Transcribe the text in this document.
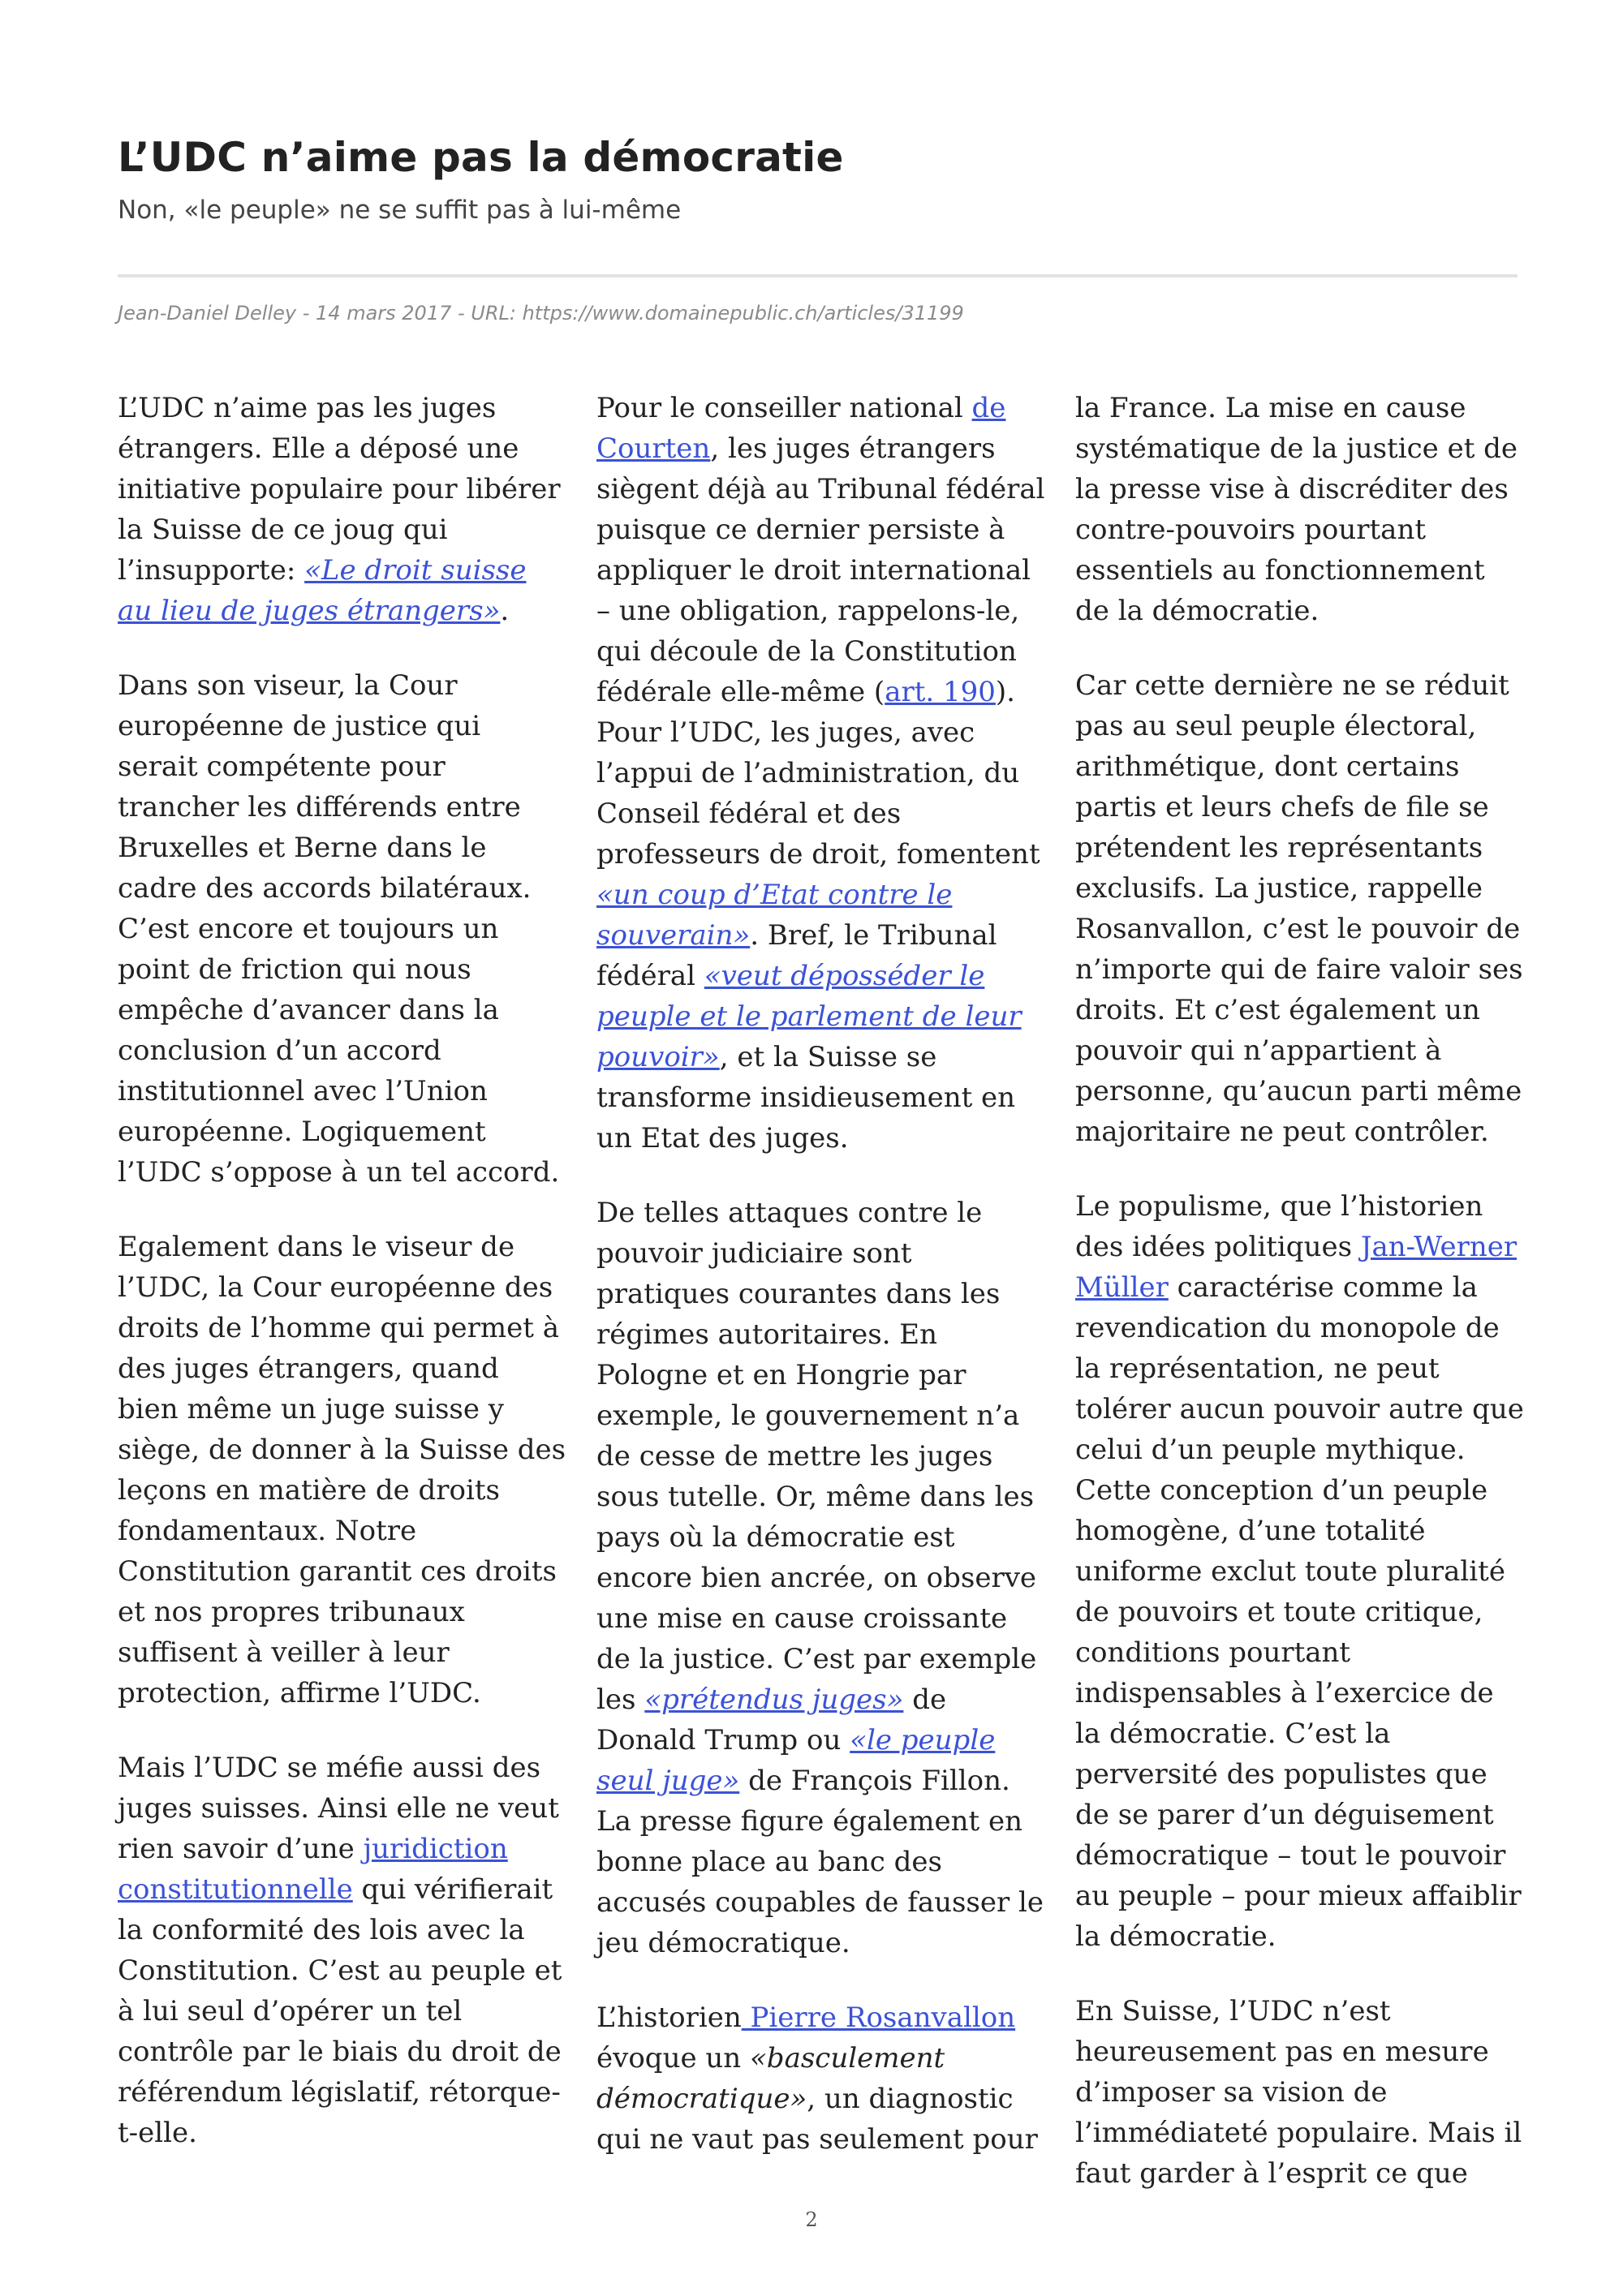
L’UDC n’aime pas la démocratie

Non, «le peuple» ne se suffit pas à lui-même

Jean-Daniel Delley - 14 mars 2017 - URL: https://www.domainepublic.ch/articles/31199

L’UDC n’aime pas les juges étrangers. Elle a déposé une initiative populaire pour libérer la Suisse de ce joug qui l’insupporte: «Le droit suisse au lieu de juges étrangers».

Dans son viseur, la Cour européenne de justice qui serait compétente pour trancher les différends entre Bruxelles et Berne dans le cadre des accords bilatéraux. C’est encore et toujours un point de friction qui nous empêche d’avancer dans la conclusion d’un accord institutionnel avec l’Union européenne. Logiquement l’UDC s’oppose à un tel accord.

Egalement dans le viseur de l’UDC, la Cour européenne des droits de l’homme qui permet à des juges étrangers, quand bien même un juge suisse y siège, de donner à la Suisse des leçons en matière de droits fondamentaux. Notre Constitution garantit ces droits et nos propres tribunaux suffisent à veiller à leur protection, affirme l’UDC.

Mais l’UDC se méfie aussi des juges suisses. Ainsi elle ne veut rien savoir d’une juridiction constitutionnelle qui vérifierait la conformité des lois avec la Constitution. C’est au peuple et à lui seul d’opérer un tel contrôle par le biais du droit de référendum législatif, rétorque-t-elle.

Pour le conseiller national de Courten, les juges étrangers siègent déjà au Tribunal fédéral puisque ce dernier persiste à appliquer le droit international – une obligation, rappelons-le, qui découle de la Constitution fédérale elle-même (art. 190). Pour l’UDC, les juges, avec l’appui de l’administration, du Conseil fédéral et des professeurs de droit, fomentent «un coup d’Etat contre le souverain». Bref, le Tribunal fédéral «veut déposséder le peuple et le parlement de leur pouvoir», et la Suisse se transforme insidieusement en un Etat des juges.

De telles attaques contre le pouvoir judiciaire sont pratiques courantes dans les régimes autoritaires. En Pologne et en Hongrie par exemple, le gouvernement n’a de cesse de mettre les juges sous tutelle. Or, même dans les pays où la démocratie est encore bien ancrée, on observe une mise en cause croissante de la justice. C’est par exemple les «prétendus juges» de Donald Trump ou «le peuple seul juge» de François Fillon. La presse figure également en bonne place au banc des accusés coupables de fausser le jeu démocratique.

L’historien Pierre Rosanvallon évoque un «basculement démocratique», un diagnostic qui ne vaut pas seulement pour

la France. La mise en cause systématique de la justice et de la presse vise à discréditer des contre-pouvoirs pourtant essentiels au fonctionnement de la démocratie.

Car cette dernière ne se réduit pas au seul peuple électoral, arithmétique, dont certains partis et leurs chefs de file se prétendent les représentants exclusifs. La justice, rappelle Rosanvallon, c’est le pouvoir de n’importe qui de faire valoir ses droits. Et c’est également un pouvoir qui n’appartient à personne, qu’aucun parti même majoritaire ne peut contrôler.

Le populisme, que l’historien des idées politiques Jan-Werner Müller caractérise comme la revendication du monopole de la représentation, ne peut tolérer aucun pouvoir autre que celui d’un peuple mythique. Cette conception d’un peuple homogène, d’une totalité uniforme exclut toute pluralité de pouvoirs et toute critique, conditions pourtant indispensables à l’exercice de la démocratie. C’est la perversité des populistes que de se parer d’un déguisement démocratique – tout le pouvoir au peuple – pour mieux affaiblir la démocratie.

En Suisse, l’UDC n’est heureusement pas en mesure d’imposer sa vision de l’immédiateté populaire. Mais il faut garder à l’esprit ce que

2
